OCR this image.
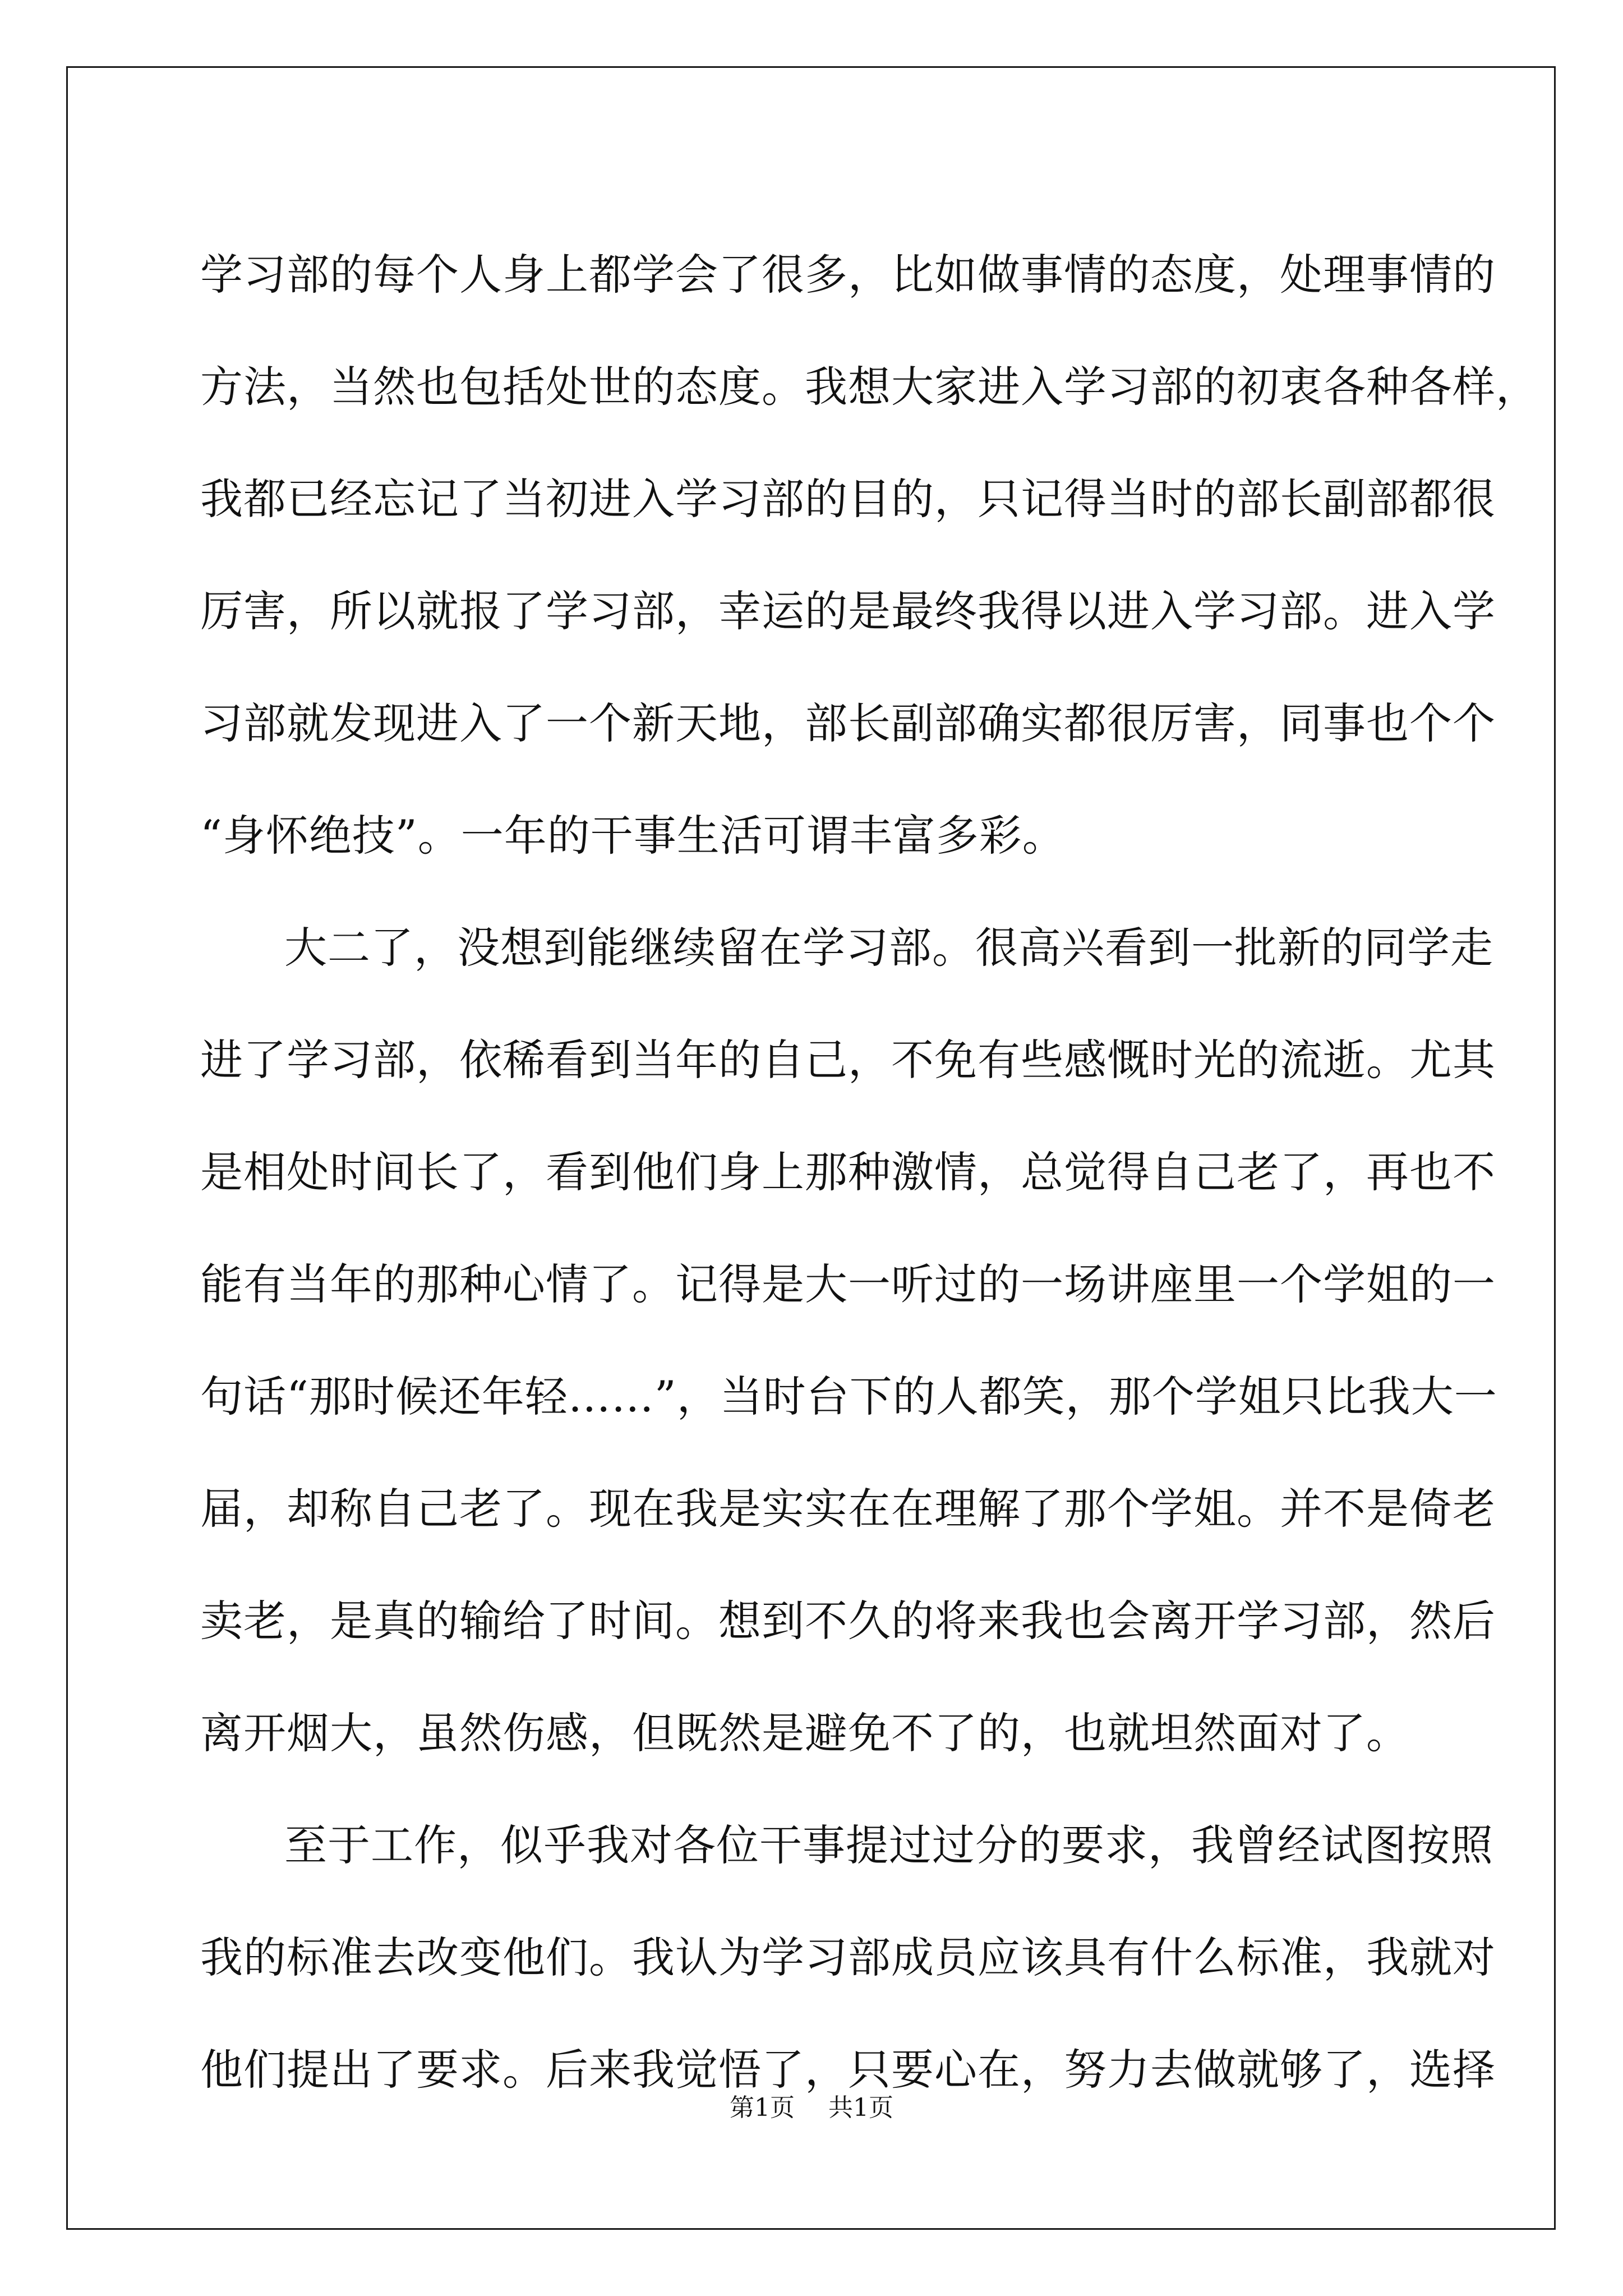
学习部的每个人身上都学会了很多，比如做事情的态度，处理事情的
方法，当然也包括处世的态度。我想大家进入学习部的初衷各种各样，
我都已经忘记了当初进入学习部的目的，只记得当时的部长副部都很
厉害，所以就报了学习部，幸运的是最终我得以进入学习部。进入学
习部就发现进入了一个新天地，部长副部确实都很厉害，同事也个个
“身怀绝技”。一年的干事生活可谓丰富多彩。
大二了，没想到能继续留在学习部。很高兴看到一批新的同学走
进了学习部，依稀看到当年的自己，不免有些感慨时光的流逝。尤其
是相处时间长了，看到他们身上那种激情，总觉得自己老了，再也不
能有当年的那种心情了。记得是大一听过的一场讲座里一个学姐的一
句话“那时候还年轻……”，当时台下的人都笑，那个学姐只比我大一
届，却称自己老了。现在我是实实在在理解了那个学姐。并不是倚老
卖老，是真的输给了时间。想到不久的将来我也会离开学习部，然后
离开烟大，虽然伤感，但既然是避免不了的，也就坦然面对了。
至于工作，似乎我对各位干事提过过分的要求，我曾经试图按照
我的标准去改变他们。我认为学习部成员应该具有什么标准，我就对
他们提出了要求。后来我觉悟了，只要心在，努力去做就够了，选择
第1页 共1页
